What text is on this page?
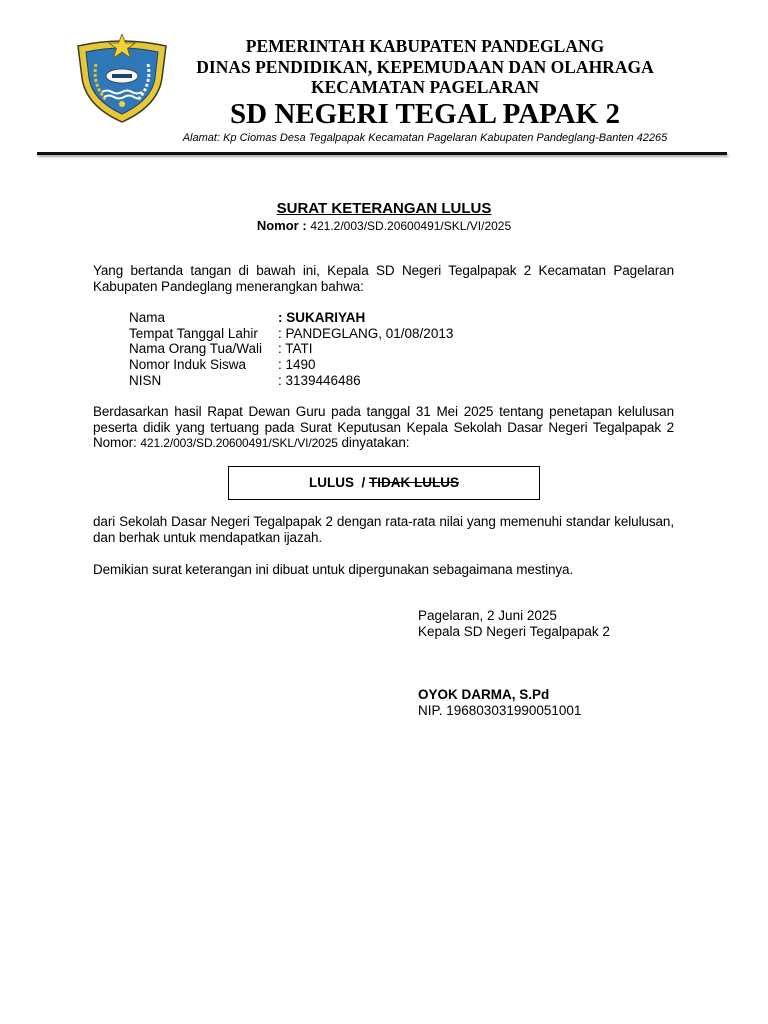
PEMERINTAH KABUPATEN PANDEGLANG
DINAS PENDIDIKAN, KEPEMUDAAN DAN OLAHRAGA
KECAMATAN PAGELARAN
SD NEGERI TEGAL PAPAK 2
Alamat: Kp Ciomas Desa Tegalpapak Kecamatan Pagelaran Kabupaten Pandeglang-Banten 42265
SURAT KETERANGAN LULUS
Nomor : 421.2/003/SD.20600491/SKL/VI/2025
Yang bertanda tangan di bawah ini, Kepala SD Negeri Tegalpapak 2 Kecamatan Pagelaran Kabupaten Pandeglang menerangkan bahwa:
Nama	: SUKARIYAH
Tempat Tanggal Lahir : PANDEGLANG, 01/08/2013
Nama Orang Tua/Wali : TATI
Nomor Induk Siswa : 1490
NISN	: 3139446486
Berdasarkan hasil Rapat Dewan Guru pada tanggal 31 Mei 2025 tentang penetapan kelulusan peserta didik yang tertuang pada Surat Keputusan Kepala Sekolah Dasar Negeri Tegalpapak 2 Nomor: 421.2/003/SD.20600491/SKL/VI/2025 dinyatakan:
LULUS  / TIDAK LULUS
dari Sekolah Dasar Negeri Tegalpapak 2 dengan rata-rata nilai yang memenuhi standar kelulusan, dan berhak untuk mendapatkan ijazah.
Demikian surat keterangan ini dibuat untuk dipergunakan sebagaimana mestinya.
Pagelaran, 2 Juni 2025
Kepala SD Negeri Tegalpapak 2
OYOK DARMA, S.Pd
NIP. 196803031990051001
